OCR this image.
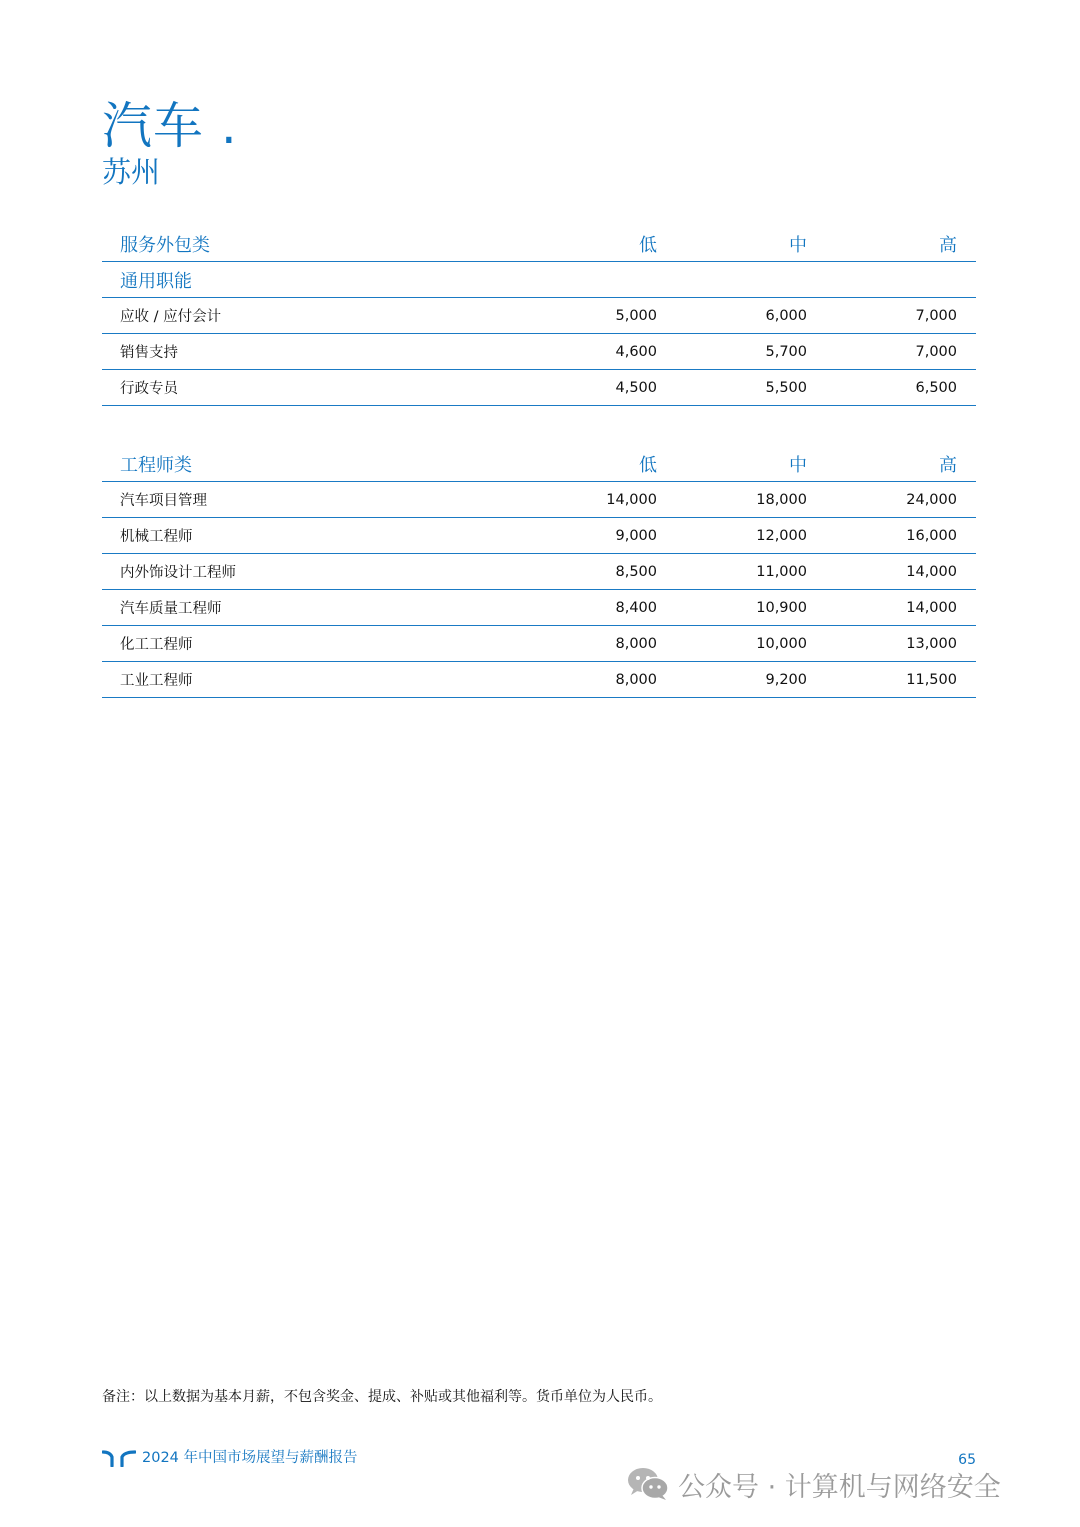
汽车 .
苏州
服务外包类	低	中	高
通用职能			
应收 / 应付会计	5,000	6,000	7,000
销售支持	4,600	5,700	7,000
行政专员	4,500	5,500	6,500
工程师类	低	中	高
汽车项目管理	14,000	18,000	24,000
机械工程师	9,000	12,000	16,000
内外饰设计工程师	8,500	11,000	14,000
汽车质量工程师	8,400	10,900	14,000
化工工程师	8,000	10,000	13,000
工业工程师	8,000	9,200	11,500
备注：以上数据为基本月薪，不包含奖金、提成、补贴或其他福利等。货币单位为人民币。
2024 年中国市场展望与薪酬报告	65
公众号 · 计算机与网络安全
